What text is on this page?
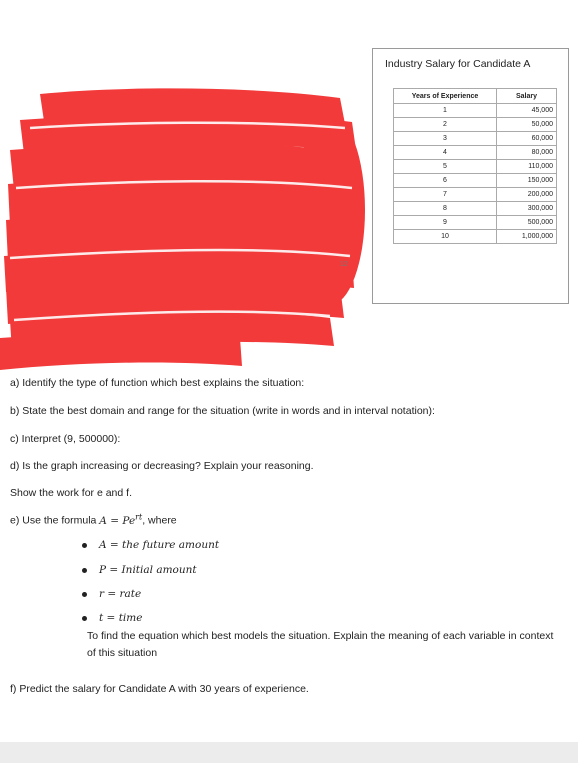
12
Industry Salary for Candidate A
Years of Experience	Salary
1	45,000
2	50,000
3	60,000
4	80,000
5	110,000
6	150,000
7	200,000
8	300,000
9	500,000
10	1,000,000
a) Identify the type of function which best explains the situation:
b) State the best domain and range for the situation (write in words and in interval notation):
c) Interpret (9, 500000):
d) Is the graph increasing or decreasing? Explain your reasoning.
Show the work for e and f.
e) Use the formula $A = Pe^{rt}$, where
A = the future amount
P = Initial amount
r = rate
t = time
To find the equation which best models the situation. Explain the meaning of each variable in context of this situation
f) Predict the salary for Candidate A with 30 years of experience.
